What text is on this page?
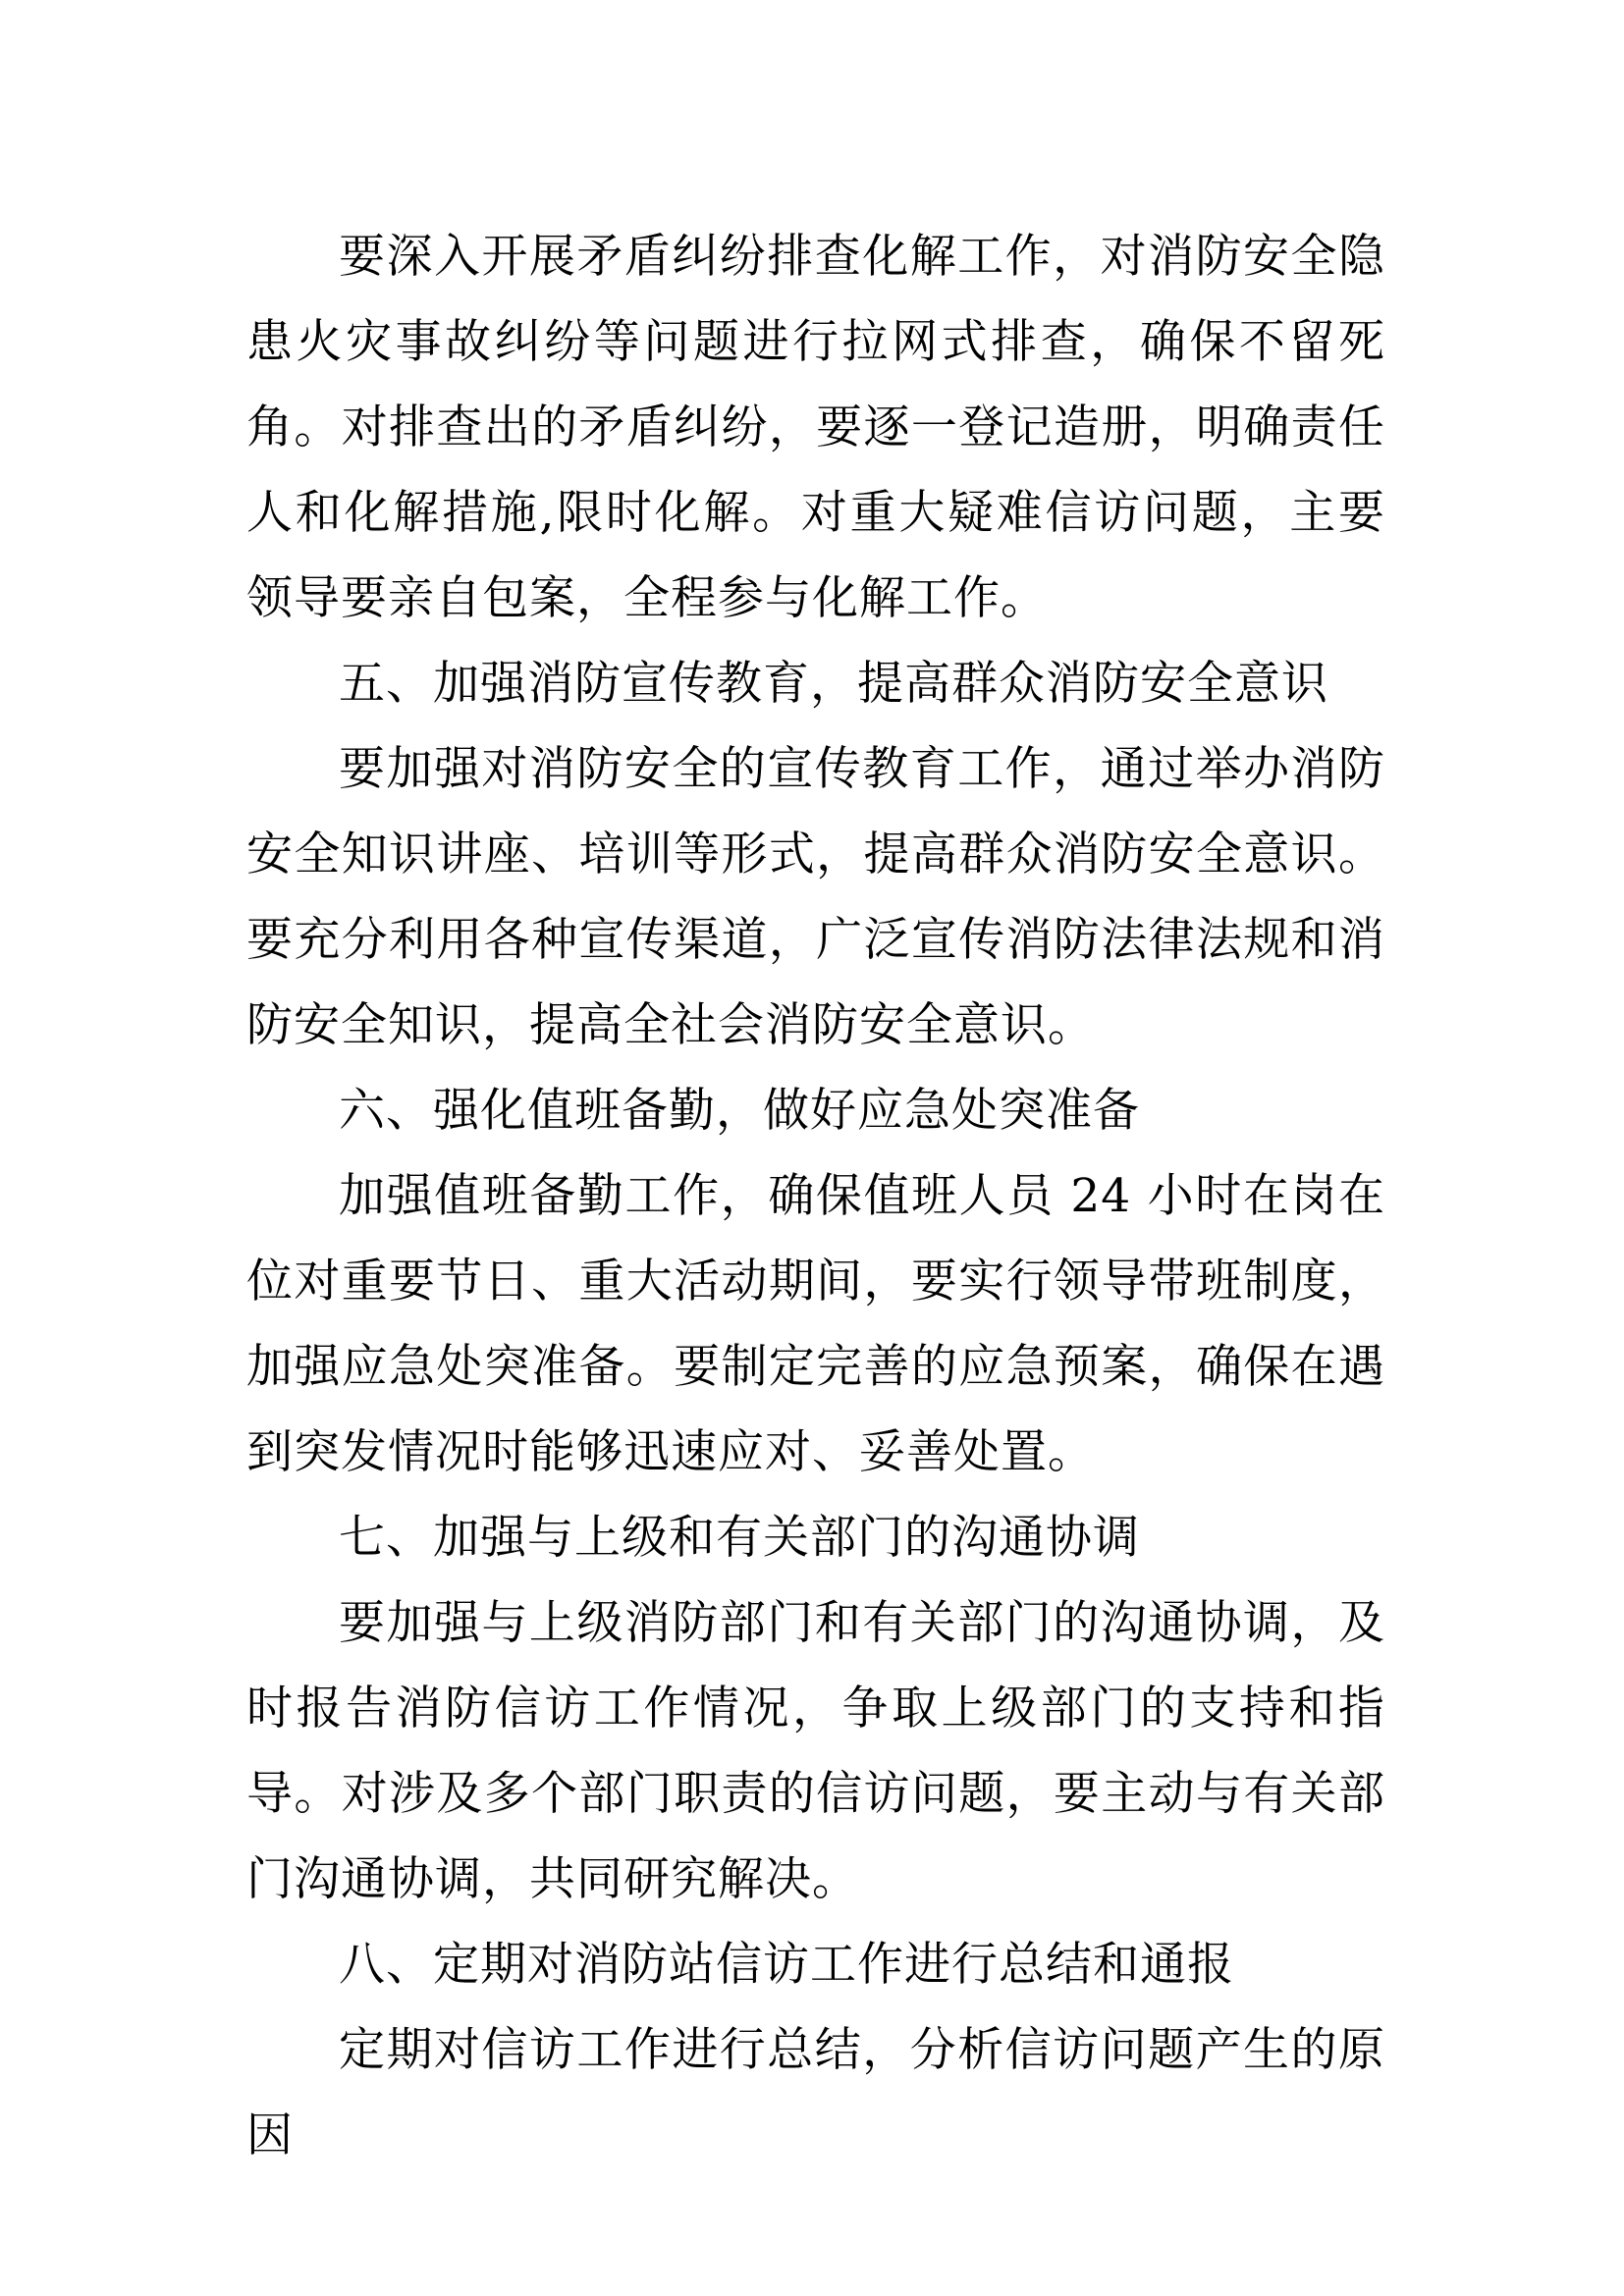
要深入开展矛盾纠纷排查化解工作，对消防安全隐患火灾事故纠纷等问题进行拉网式排查，确保不留死角。对排查出的矛盾纠纷，要逐一登记造册，明确责任人和化解措施,限时化解。对重大疑难信访问题，主要领导要亲自包案，全程参与化解工作。

五、加强消防宣传教育，提高群众消防安全意识

要加强对消防安全的宣传教育工作，通过举办消防安全知识讲座、培训等形式，提高群众消防安全意识。要充分利用各种宣传渠道，广泛宣传消防法律法规和消防安全知识，提高全社会消防安全意识。

六、强化值班备勤，做好应急处突准备

加强值班备勤工作，确保值班人员 24 小时在岗在位对重要节日、重大活动期间，要实行领导带班制度，加强应急处突准备。要制定完善的应急预案，确保在遇到突发情况时能够迅速应对、妥善处置。

七、加强与上级和有关部门的沟通协调

要加强与上级消防部门和有关部门的沟通协调，及时报告消防信访工作情况，争取上级部门的支持和指导。对涉及多个部门职责的信访问题，要主动与有关部门沟通协调，共同研究解决。

八、定期对消防站信访工作进行总结和通报

定期对信访工作进行总结，分析信访问题产生的原因
